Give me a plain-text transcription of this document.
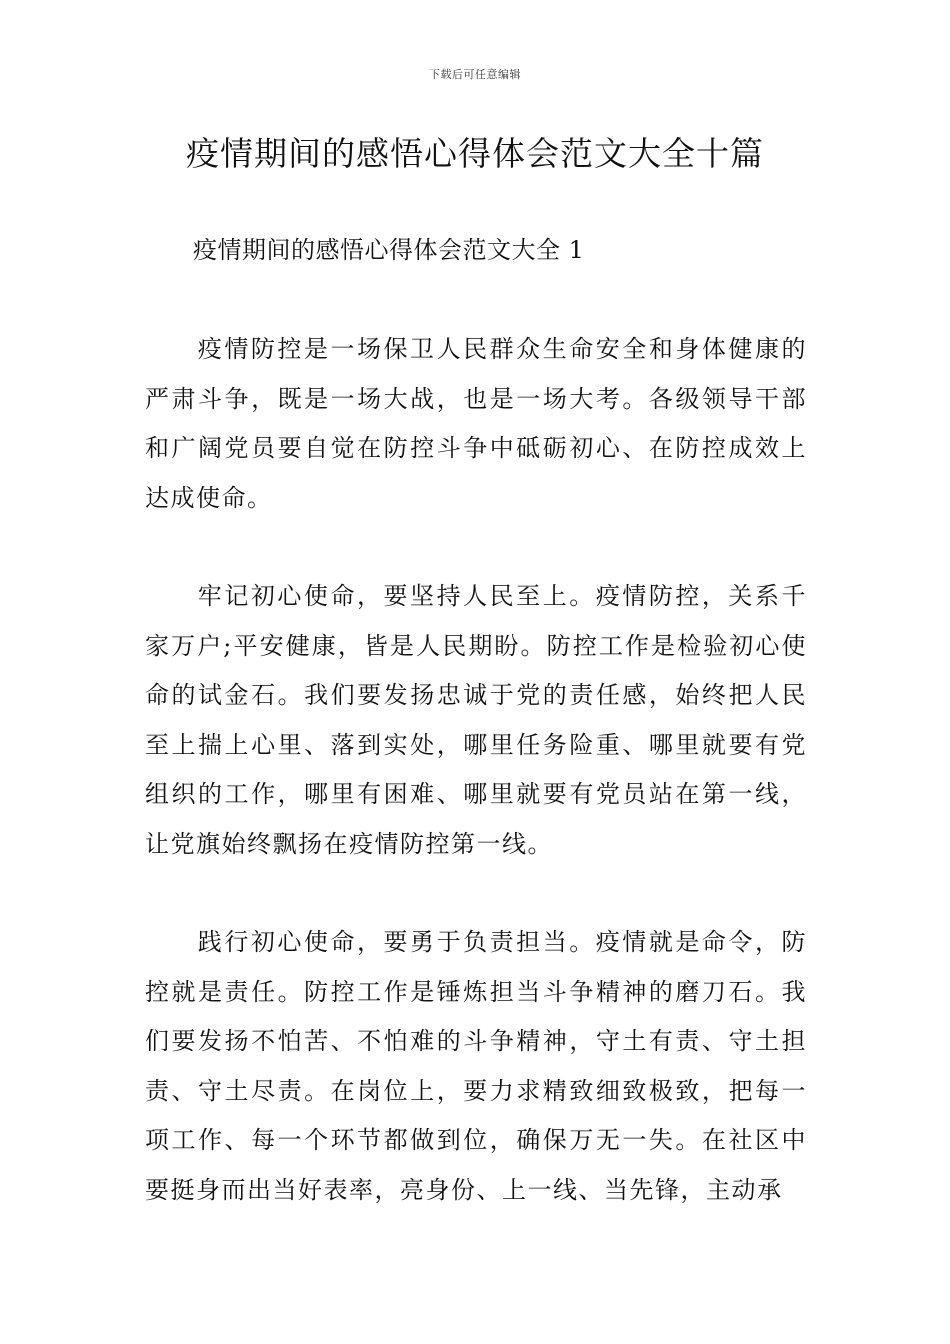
下载后可任意编辑
疫情期间的感悟心得体会范文大全十篇

疫情期间的感悟心得体会范文大全 1

疫情防控是一场保卫人民群众生命安全和身体健康的严肃斗争，既是一场大战，也是一场大考。各级领导干部和广阔党员要自觉在防控斗争中砥砺初心、在防控成效上达成使命。

牢记初心使命，要坚持人民至上。疫情防控，关系千家万户;平安健康，皆是人民期盼。防控工作是检验初心使命的试金石。我们要发扬忠诚于党的责任感，始终把人民至上揣上心里、落到实处，哪里任务险重、哪里就要有党组织的工作，哪里有困难、哪里就要有党员站在第一线，让党旗始终飘扬在疫情防控第一线。

践行初心使命，要勇于负责担当。疫情就是命令，防控就是责任。防控工作是锤炼担当斗争精神的磨刀石。我们要发扬不怕苦、不怕难的斗争精神，守土有责、守土担责、守土尽责。在岗位上，要力求精致细致极致，把每一项工作、每一个环节都做到位，确保万无一失。在社区中要挺身而出当好表率，亮身份、上一线、当先锋，主动承
